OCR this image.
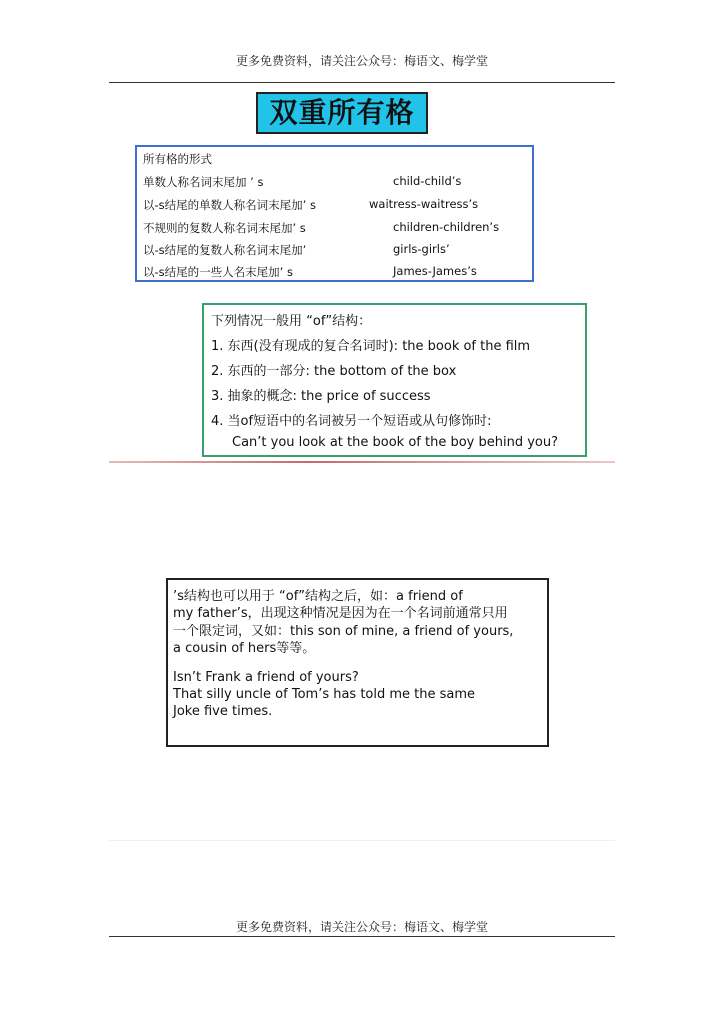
更多免费资料，请关注公众号：梅语文、梅学堂
双重所有格
所有格的形式
单数人称名词末尾加 ’ s	child-child’s
以-s结尾的单数人称名词末尾加’ s	waitress-waitress’s
不规则的复数人称名词末尾加’ s	children-children’s
以-s结尾的复数人称名词末尾加’	girls-girls’
以-s结尾的一些人名末尾加’ s	James-James’s
下列情况一般用 “of”结构：
1. 东西(没有现成的复合名词时): the book of the film
2. 东西的一部分: the bottom of the box
3. 抽象的概念: the price of success
4. 当of短语中的名词被另一个短语或从句修饰时:
Can’t you look at the book of the boy behind you?
’s结构也可以用于 “of”结构之后，如：a friend of
my father’s，出现这种情况是因为在一个名词前通常只用
一个限定词，又如：this son of mine, a friend of yours,
a cousin of hers等等。
Isn’t Frank a friend of yours?
That silly uncle of Tom’s has told me the same
Joke five times.
更多免费资料，请关注公众号：梅语文、梅学堂
